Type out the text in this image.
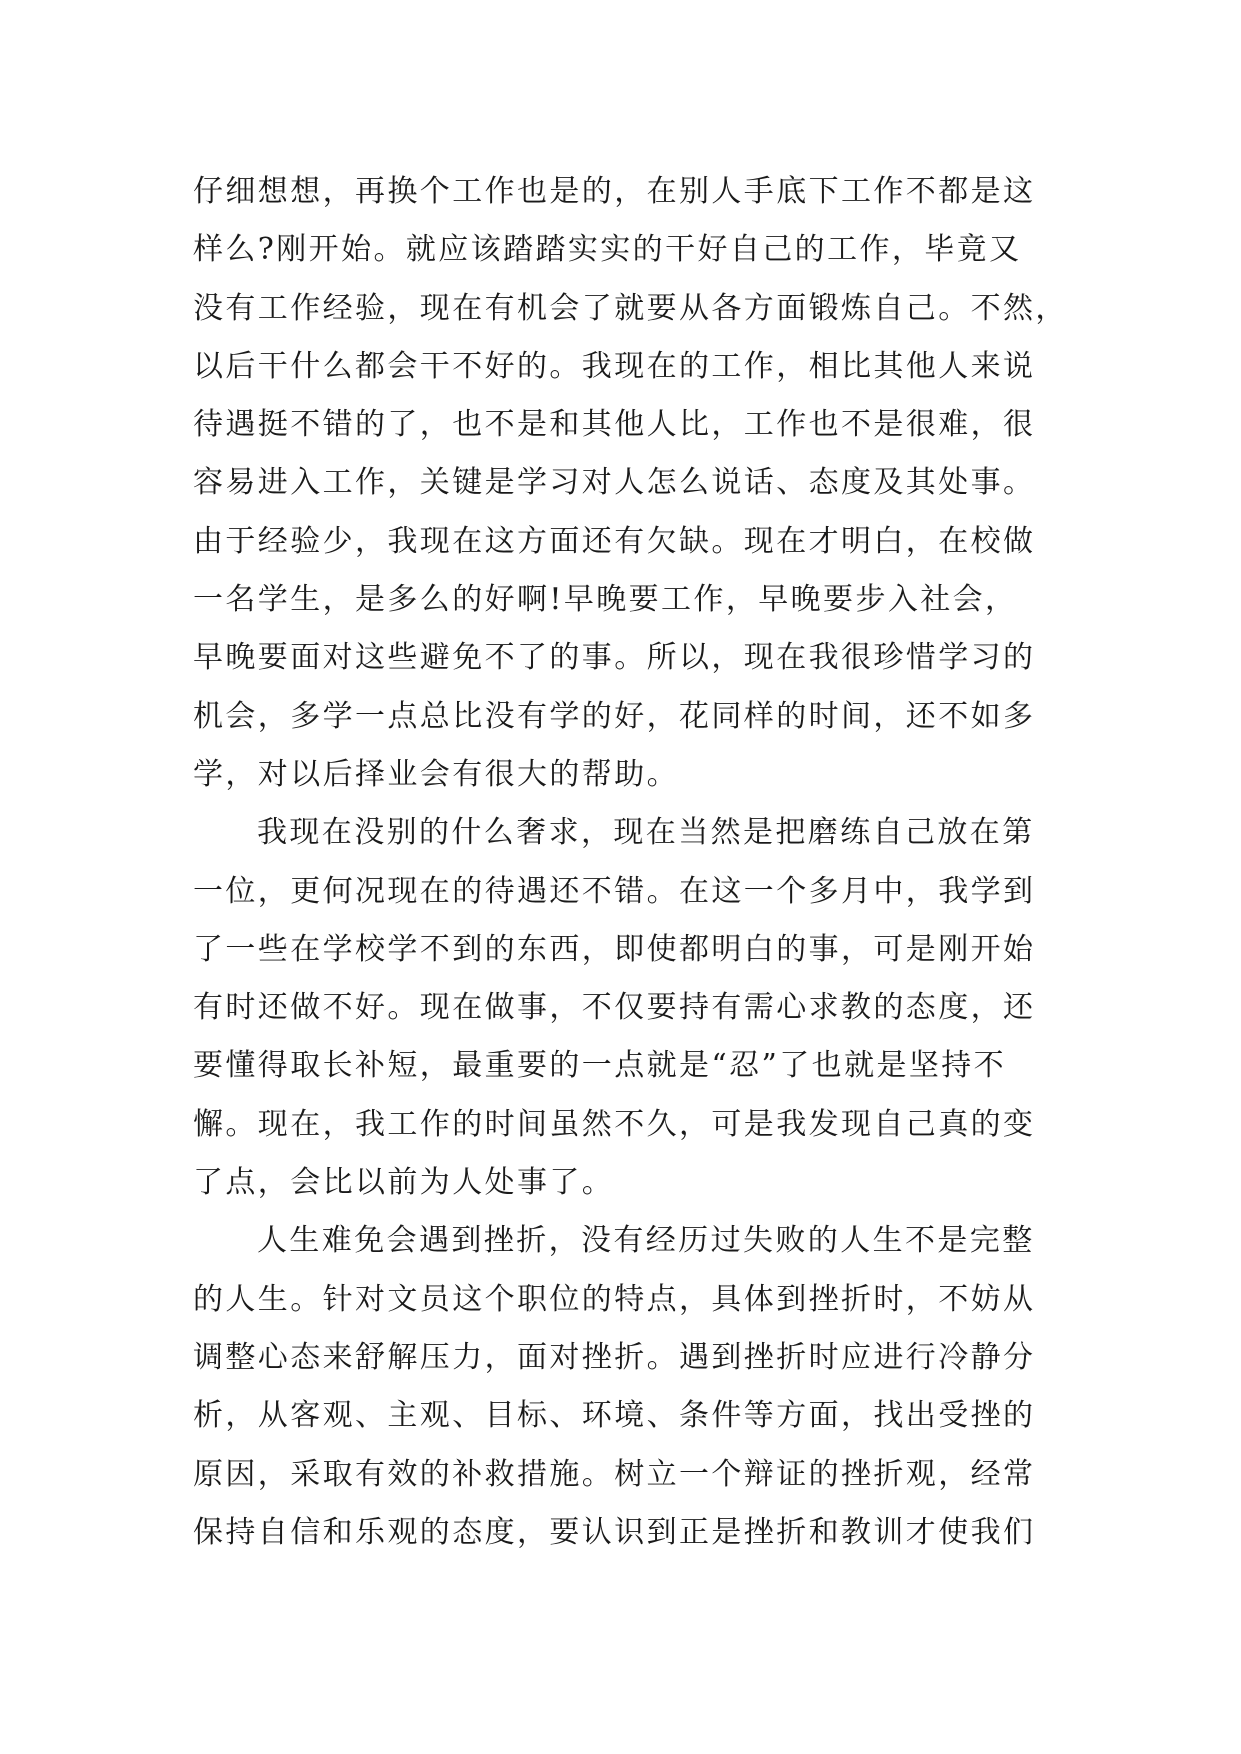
仔细想想，再换个工作也是的，在别人手底下工作不都是这
样么?刚开始。就应该踏踏实实的干好自己的工作，毕竟又
没有工作经验，现在有机会了就要从各方面锻炼自己。不然，
以后干什么都会干不好的。我现在的工作，相比其他人来说
待遇挺不错的了，也不是和其他人比，工作也不是很难，很
容易进入工作，关键是学习对人怎么说话、态度及其处事。
由于经验少，我现在这方面还有欠缺。现在才明白，在校做
一名学生，是多么的好啊!早晚要工作，早晚要步入社会，
早晚要面对这些避免不了的事。所以，现在我很珍惜学习的
机会，多学一点总比没有学的好，花同样的时间，还不如多
学，对以后择业会有很大的帮助。
我现在没别的什么奢求，现在当然是把磨练自己放在第
一位，更何况现在的待遇还不错。在这一个多月中，我学到
了一些在学校学不到的东西，即使都明白的事，可是刚开始
有时还做不好。现在做事，不仅要持有需心求教的态度，还
要懂得取长补短，最重要的一点就是“忍”了也就是坚持不
懈。现在，我工作的时间虽然不久，可是我发现自己真的变
了点，会比以前为人处事了。
人生难免会遇到挫折，没有经历过失败的人生不是完整
的人生。针对文员这个职位的特点，具体到挫折时，不妨从
调整心态来舒解压力，面对挫折。遇到挫折时应进行冷静分
析，从客观、主观、目标、环境、条件等方面，找出受挫的
原因，采取有效的补救措施。树立一个辩证的挫折观，经常
保持自信和乐观的态度，要认识到正是挫折和教训才使我们
